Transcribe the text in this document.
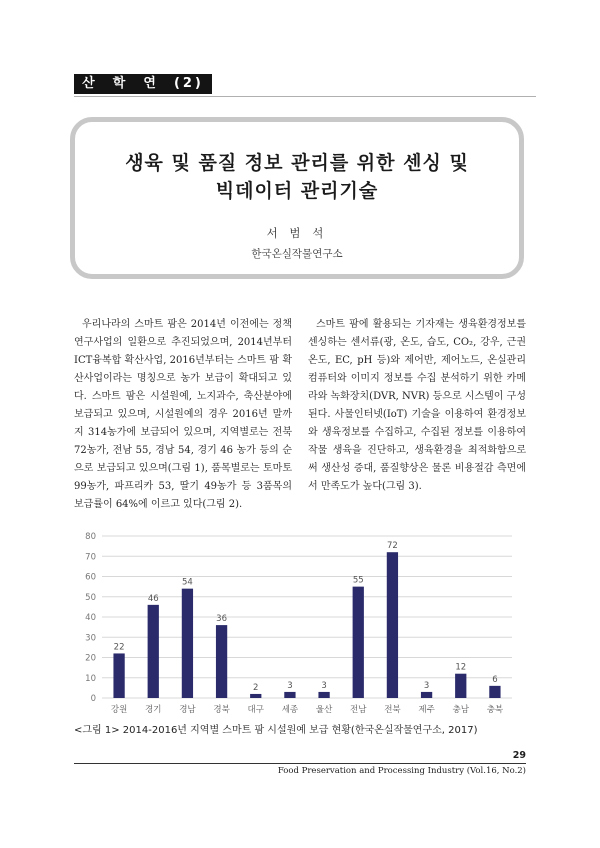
산  학  연  (2)
생육 및 품질 정보 관리를 위한 센싱 및
빅데이터 관리기술
서 범 석
한국온실작물연구소

우리나라의 스마트 팜은 2014년 이전에는 정책연구사업의 일환으로 추진되었으며, 2014년부터 ICT융복합 확산사업, 2016년부터는 스마트 팜 확산사업이라는 명칭으로 농가 보급이 확대되고 있다. 스마트 팜은 시설원예, 노지과수, 축산분야에 보급되고 있으며, 시설원예의 경우 2016년 말까지 314농가에 보급되어 있으며, 지역별로는 전북 72농가, 전남 55, 경남 54, 경기 46 농가 등의 순으로 보급되고 있으며(그림 1), 품목별로는 토마토 99농가, 파프리카 53, 딸기 49농가 등 3품목의 보급률이 64%에 이르고 있다(그림 2).

스마트 팜에 활용되는 기자재는 생육환경정보를 센싱하는 센서류(광, 온도, 습도, CO₂, 강우, 근권온도, EC, pH 등)와 제어반, 제어노드, 온실관리 컴퓨터와 이미지 정보를 수집 분석하기 위한 카메라와 녹화장치(DVR, NVR) 등으로 시스템이 구성된다. 사물인터넷(IoT) 기술을 이용하여 환경정보와 생육정보를 수집하고, 수집된 정보를 이용하여 작물 생육을 진단하고, 생육환경을 최적화함으로써 생산성 증대, 품질향상은 물론 비용절감 측면에서 만족도가 높다(그림 3).

0
10
20
30
40
50
60
70
80
22
강원
46
경기
54
경남
36
경북
2
대구
3
세종
3
울산
55
전남
72
전북
3
제주
12
충남
6
충북
<그림 1> 2014-2016년 지역별 스마트 팜 시설원예 보급 현황(한국온실작물연구소, 2017)
29
Food Preservation and Processing Industry (Vol.16, No.2)
